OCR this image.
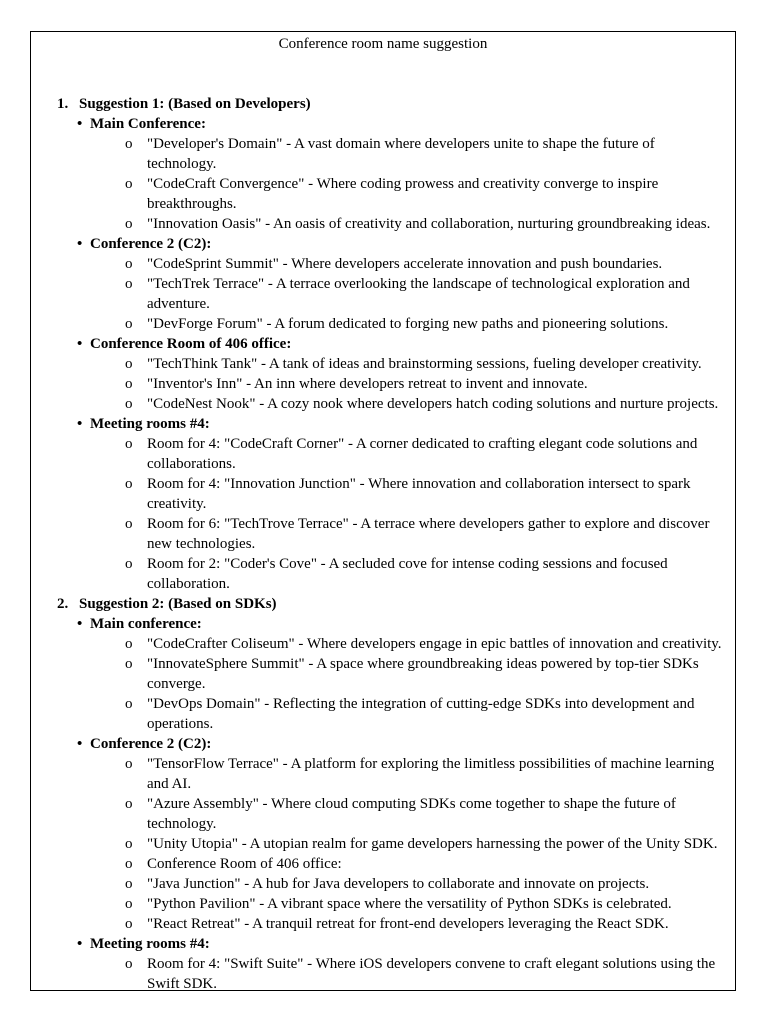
Conference room name suggestion
1. Suggestion 1: (Based on Developers)
• Main Conference:
o "Developer's Domain" - A vast domain where developers unite to shape the future of technology.
o "CodeCraft Convergence" - Where coding prowess and creativity converge to inspire breakthroughs.
o "Innovation Oasis" - An oasis of creativity and collaboration, nurturing groundbreaking ideas.
• Conference 2 (C2):
o "CodeSprint Summit" - Where developers accelerate innovation and push boundaries.
o "TechTrek Terrace" - A terrace overlooking the landscape of technological exploration and adventure.
o "DevForge Forum" - A forum dedicated to forging new paths and pioneering solutions.
• Conference Room of 406 office:
o "TechThink Tank" - A tank of ideas and brainstorming sessions, fueling developer creativity.
o "Inventor's Inn" - An inn where developers retreat to invent and innovate.
o "CodeNest Nook" - A cozy nook where developers hatch coding solutions and nurture projects.
• Meeting rooms #4:
o Room for 4: "CodeCraft Corner" - A corner dedicated to crafting elegant code solutions and collaborations.
o Room for 4: "Innovation Junction" - Where innovation and collaboration intersect to spark creativity.
o Room for 6: "TechTrove Terrace" - A terrace where developers gather to explore and discover new technologies.
o Room for 2: "Coder's Cove" - A secluded cove for intense coding sessions and focused collaboration.
2. Suggestion 2: (Based on SDKs)
• Main conference:
o "CodeCrafter Coliseum" - Where developers engage in epic battles of innovation and creativity.
o "InnovateSphere Summit" - A space where groundbreaking ideas powered by top-tier SDKs converge.
o "DevOps Domain" - Reflecting the integration of cutting-edge SDKs into development and operations.
• Conference 2 (C2):
o "TensorFlow Terrace" - A platform for exploring the limitless possibilities of machine learning and AI.
o "Azure Assembly" - Where cloud computing SDKs come together to shape the future of technology.
o "Unity Utopia" - A utopian realm for game developers harnessing the power of the Unity SDK.
o Conference Room of 406 office:
o "Java Junction" - A hub for Java developers to collaborate and innovate on projects.
o "Python Pavilion" - A vibrant space where the versatility of Python SDKs is celebrated.
o "React Retreat" - A tranquil retreat for front-end developers leveraging the React SDK.
• Meeting rooms #4:
o Room for 4: "Swift Suite" - Where iOS developers convene to craft elegant solutions using the Swift SDK.
